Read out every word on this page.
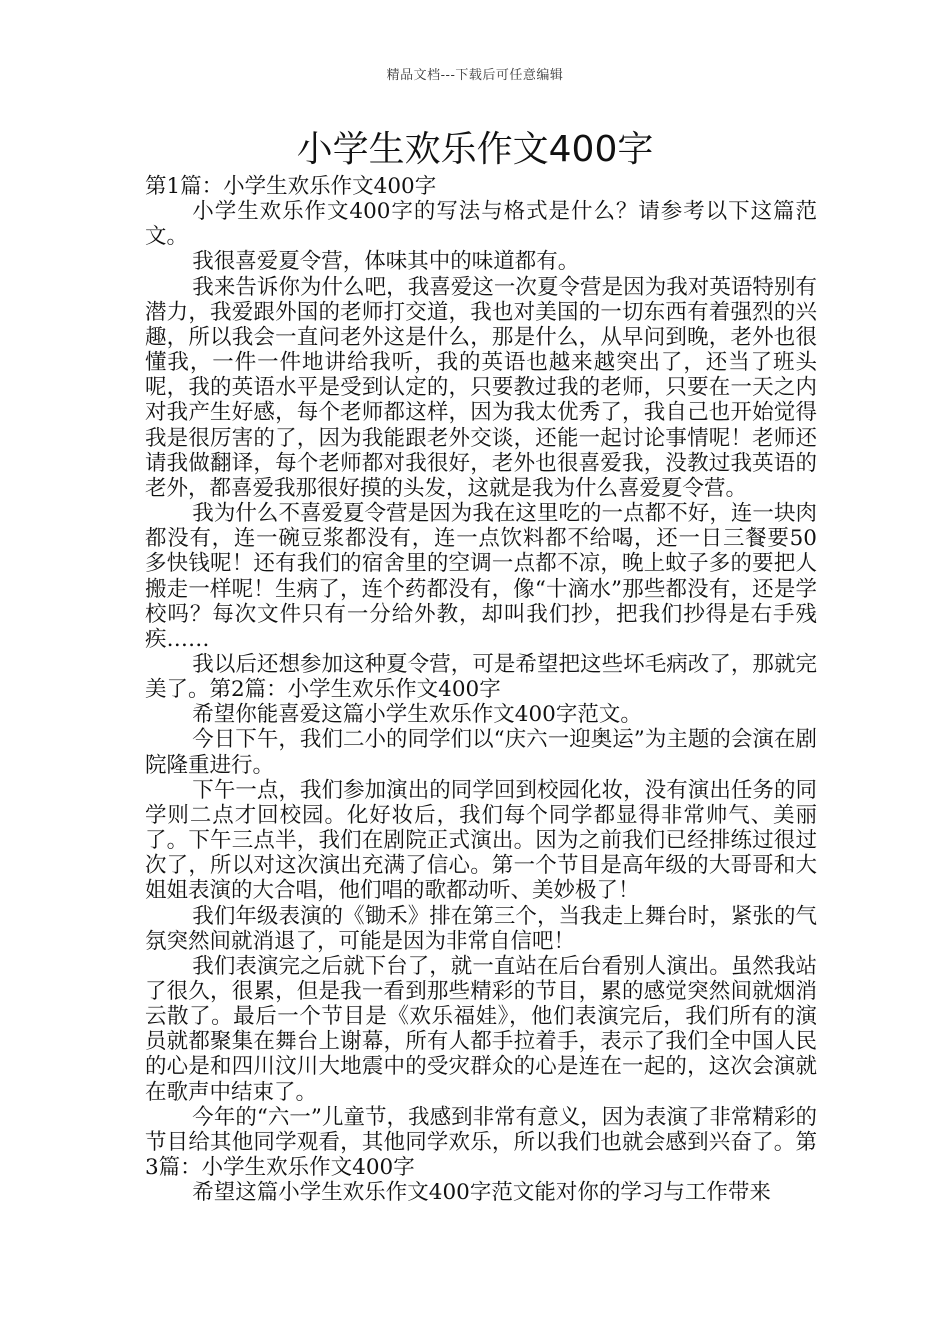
精品文档---下载后可任意编辑
小学生欢乐作文400字

第1篇：小学生欢乐作文400字

小学生欢乐作文400字的写法与格式是什么？请参考以下这篇范文。

我很喜爱夏令营，体味其中的味道都有。

我来告诉你为什么吧，我喜爱这一次夏令营是因为我对英语特别有潜力，我爱跟外国的老师打交道，我也对美国的一切东西有着强烈的兴趣，所以我会一直问老外这是什么，那是什么，从早问到晚，老外也很懂我，一件一件地讲给我听，我的英语也越来越突出了，还当了班头呢，我的英语水平是受到认定的，只要教过我的老师，只要在一天之内对我产生好感，每个老师都这样，因为我太优秀了，我自己也开始觉得我是很厉害的了，因为我能跟老外交谈，还能一起讨论事情呢！老师还请我做翻译，每个老师都对我很好，老外也很喜爱我，没教过我英语的老外，都喜爱我那很好摸的头发，这就是我为什么喜爱夏令营。

我为什么不喜爱夏令营是因为我在这里吃的一点都不好，连一块肉都没有，连一碗豆浆都没有，连一点饮料都不给喝，还一日三餐要50多快钱呢！还有我们的宿舍里的空调一点都不凉，晚上蚊子多的要把人搬走一样呢！生病了，连个药都没有，像“十滴水”那些都没有，还是学校吗？每次文件只有一分给外教，却叫我们抄，把我们抄得是右手残疾……

我以后还想参加这种夏令营，可是希望把这些坏毛病改了，那就完美了。第2篇：小学生欢乐作文400字

希望你能喜爱这篇小学生欢乐作文400字范文。

今日下午，我们二小的同学们以“庆六一迎奥运”为主题的会演在剧院隆重进行。

下午一点，我们参加演出的同学回到校园化妆，没有演出任务的同学则二点才回校园。化好妆后，我们每个同学都显得非常帅气、美丽了。下午三点半，我们在剧院正式演出。因为之前我们已经排练过很过次了，所以对这次演出充满了信心。第一个节目是高年级的大哥哥和大姐姐表演的大合唱，他们唱的歌都动听、美妙极了！

我们年级表演的《锄禾》排在第三个，当我走上舞台时，紧张的气氛突然间就消退了，可能是因为非常自信吧！

我们表演完之后就下台了，就一直站在后台看别人演出。虽然我站了很久，很累，但是我一看到那些精彩的节目，累的感觉突然间就烟消云散了。最后一个节目是《欢乐福娃》，他们表演完后，我们所有的演员就都聚集在舞台上谢幕，所有人都手拉着手，表示了我们全中国人民的心是和四川汶川大地震中的受灾群众的心是连在一起的，这次会演就在歌声中结束了。

今年的“六一”儿童节，我感到非常有意义，因为表演了非常精彩的节目给其他同学观看，其他同学欢乐，所以我们也就会感到兴奋了。第3篇：小学生欢乐作文400字

希望这篇小学生欢乐作文400字范文能对你的学习与工作带来
